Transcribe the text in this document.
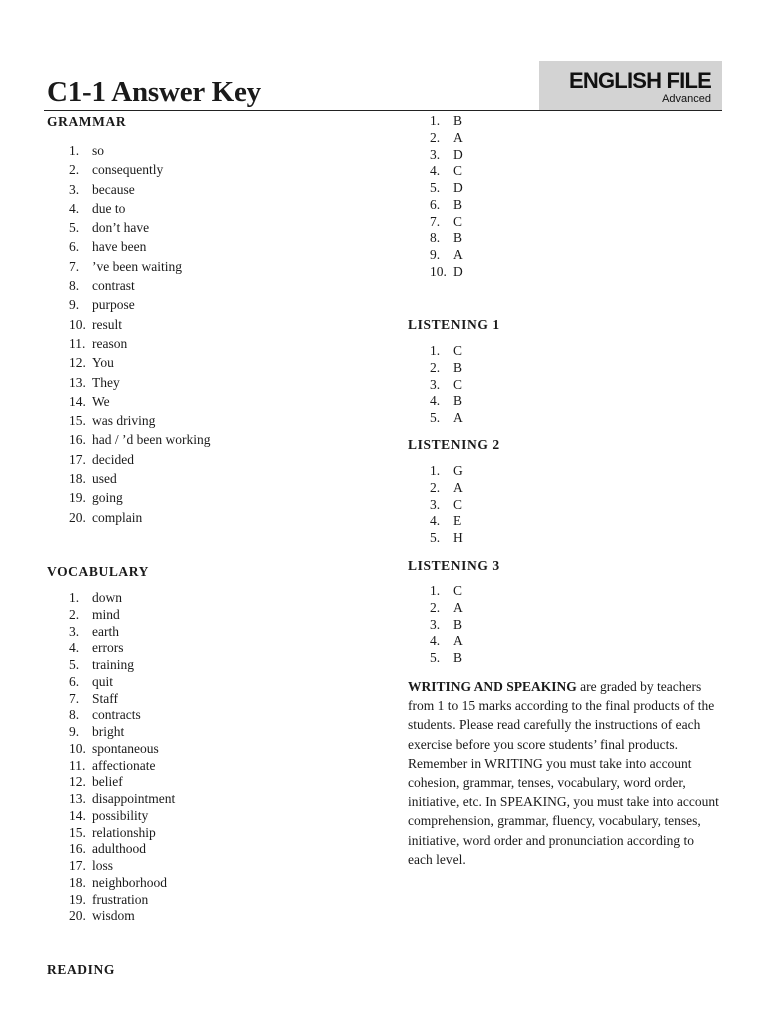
C1-1 Answer Key	ENGLISH FILE
Advanced
GRAMMAR
1. so
2. consequently
3. because
4. due to
5. don’t have
6. have been
7. ’ve been waiting
8. contrast
9. purpose
10. result
11. reason
12. You
13. They
14. We
15. was driving
16. had / ’d been working
17. decided
18. used
19. going
20. complain
VOCABULARY
1. down
2. mind
3. earth
4. errors
5. training
6. quit
7. Staff
8. contracts
9. bright
10. spontaneous
11. affectionate
12. belief
13. disappointment
14. possibility
15. relationship
16. adulthood
17. loss
18. neighborhood
19. frustration
20. wisdom
READING
1. B
2. A
3. D
4. C
5. D
6. B
7. C
8. B
9. A
10. D
LISTENING 1
1. C
2. B
3. C
4. B
5. A
LISTENING 2
1. G
2. A
3. C
4. E
5. H
LISTENING 3
1. C
2. A
3. B
4. A
5. B

WRITING AND SPEAKING are graded by teachers from 1 to 15 marks according to the final products of the students. Please read carefully the instructions of each exercise before you score students’ final products. Remember in WRITING you must take into account cohesion, grammar, tenses, vocabulary, word order, initiative, etc. In SPEAKING, you must take into account comprehension, grammar, fluency, vocabulary, tenses, initiative, word order and pronunciation according to each level.
